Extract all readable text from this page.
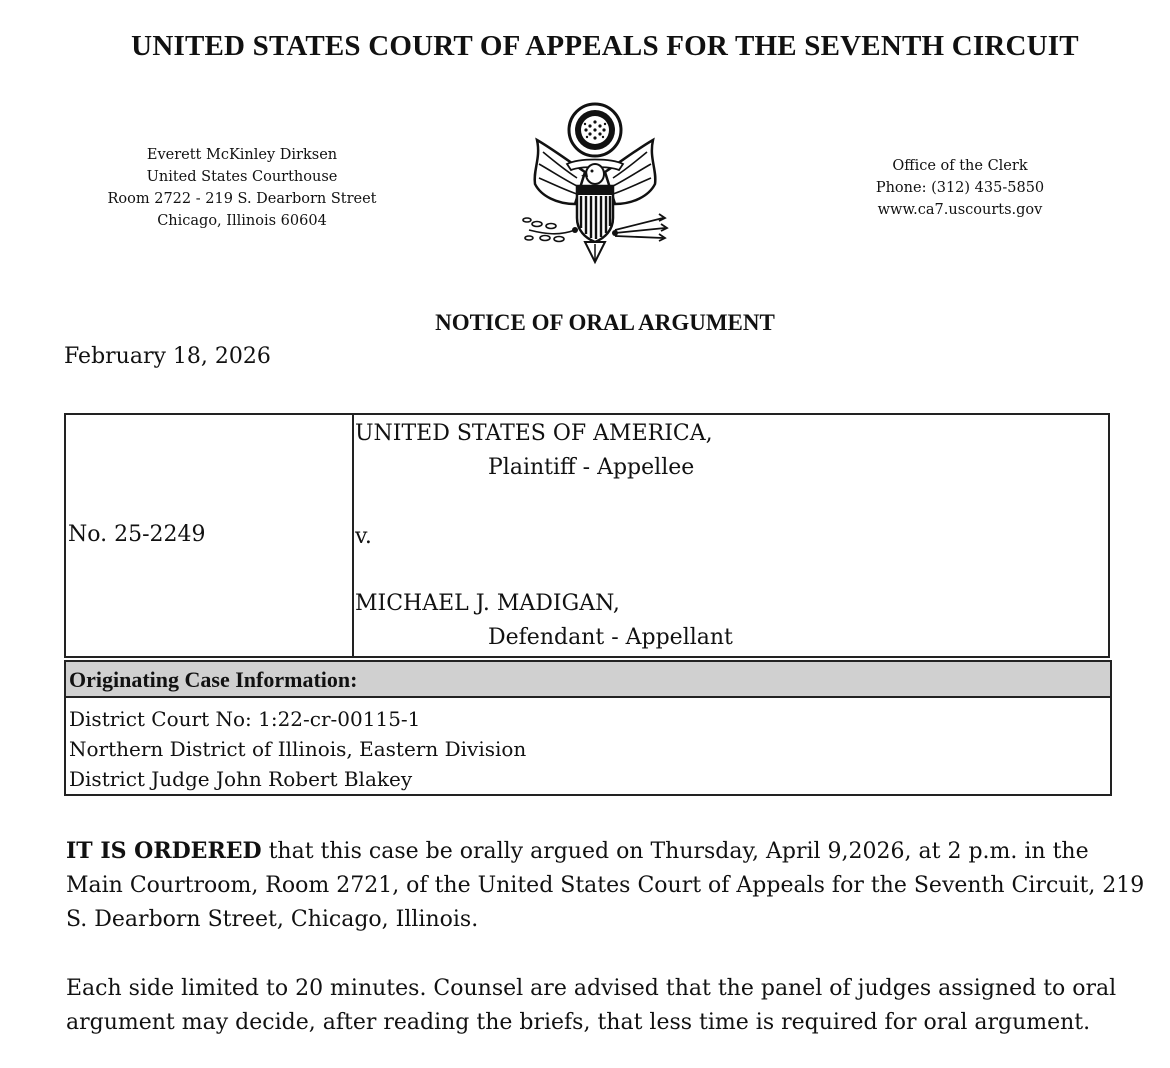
UNITED STATES COURT OF APPEALS FOR THE SEVENTH CIRCUIT
Everett McKinley Dirksen
United States Courthouse
Room 2722 - 219 S. Dearborn Street
Chicago, Illinois 60604
Office of the Clerk
Phone: (312) 435-5850
www.ca7.uscourts.gov
NOTICE OF ORAL ARGUMENT
February 18, 2026
No. 25-2249
UNITED STATES OF AMERICA,
Plaintiff - Appellee
v.
MICHAEL J. MADIGAN,
Defendant - Appellant
Originating Case Information:
District Court No: 1:22-cr-00115-1
Northern District of Illinois, Eastern Division
District Judge John Robert Blakey
IT IS ORDERED that this case be orally argued on Thursday, April 9,2026, at 2 p.m. in the Main Courtroom, Room 2721, of the United States Court of Appeals for the Seventh Circuit, 219 S. Dearborn Street, Chicago, Illinois.
Each side limited to 20 minutes. Counsel are advised that the panel of judges assigned to oral argument may decide, after reading the briefs, that less time is required for oral argument.
